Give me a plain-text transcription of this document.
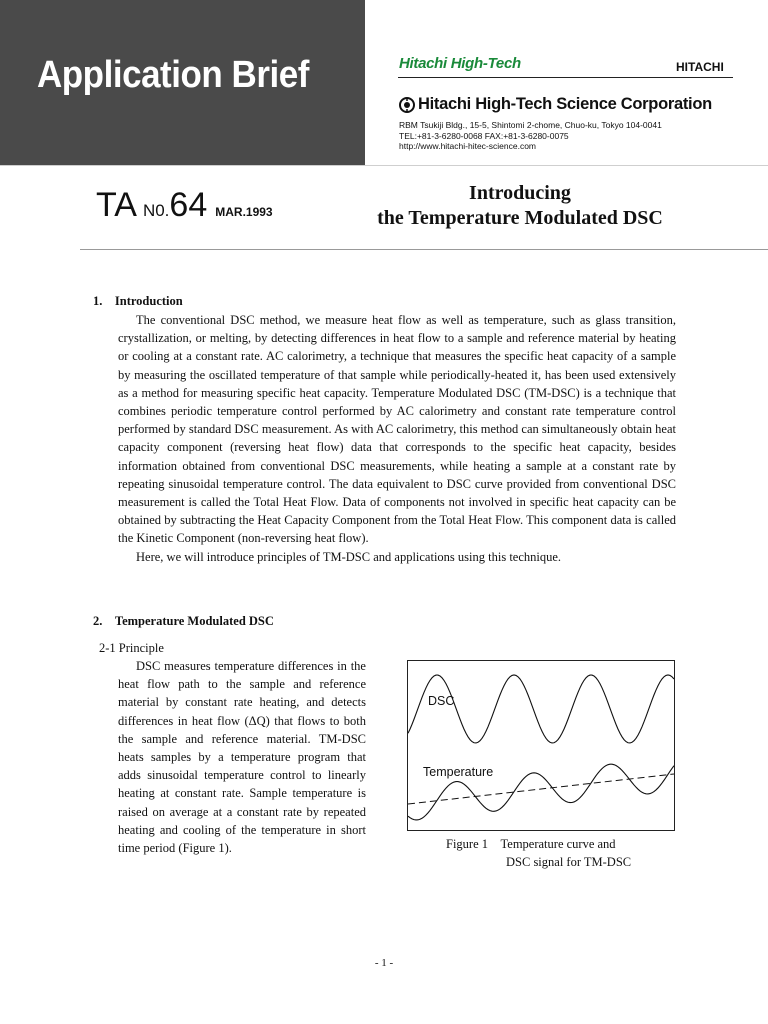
Application Brief	Hitachi High-Tech	HITACHI
Hitachi High-Tech Science Corporation
RBM Tsukiji Bldg., 15-5, Shintomi 2-chome, Chuo-ku, Tokyo 104-0041
TEL:+81-3-6280-0068 FAX:+81-3-6280-0075
http://www.hitachi-hitec-science.com
TA N0.64 MAR.1993
Introducing
the Temperature Modulated DSC
1.    Introduction

The conventional DSC method, we measure heat flow as well as temperature, such as glass transition, crystallization, or melting, by detecting differences in heat flow to a sample and reference material by heating or cooling at a constant rate. AC calorimetry, a technique that measures the specific heat capacity of a sample by measuring the oscillated temperature of that sample while periodically-heated it, has been used extensively as a method for measuring specific heat capacity. Temperature Modulated DSC (TM-DSC) is a technique that combines periodic temperature control performed by AC calorimetry and constant rate temperature control performed by standard DSC measurement. As with AC calorimetry, this method can simultaneously obtain heat capacity component (reversing heat flow) data that corresponds to the specific heat capacity, besides information obtained from conventional DSC measurements, while heating a sample at a constant rate by repeating sinusoidal temperature control. The data equivalent to DSC curve provided from conventional DSC measurement is called the Total Heat Flow. Data of components not involved in specific heat capacity can be obtained by subtracting the Heat Capacity Component from the Total Heat Flow. This component data is called the Kinetic Component (non-reversing heat flow).

Here, we will introduce principles of TM-DSC and applications using this technique.

2.    Temperature Modulated DSC
2-1 Principle

DSC measures temperature differences in the heat flow path to the sample and reference material by constant rate heating, and detects differences in heat flow (ΔQ) that flows to both the sample and reference material. TM-DSC heats samples by a temperature program that adds sinusoidal temperature control to linearly heating at constant rate. Sample temperature is raised on average at a constant rate by repeated heating and cooling of the temperature in short time period (Figure 1).

DSC
Temperature
Figure 1    Temperature curve and
DSC signal for TM-DSC
- 1 -
